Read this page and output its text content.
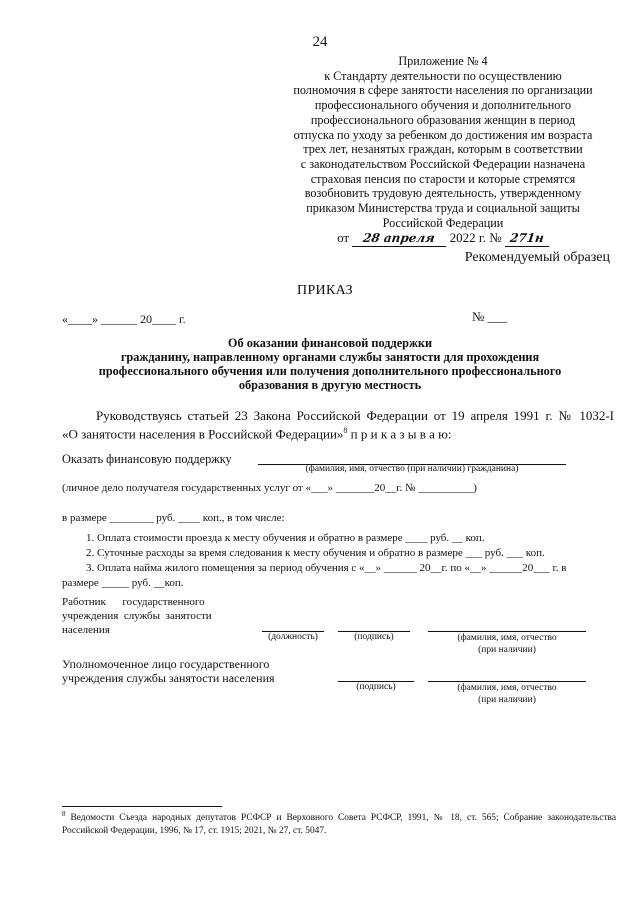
24
Приложение № 4
к Стандарту деятельности по осуществлению
полномочия в сфере занятости населения по организации
профессионального обучения и дополнительного
профессионального образования женщин в период
отпуска по уходу за ребенком до достижения им возраста
трех лет, незанятых граждан, которым в соответствии
с законодательством Российской Федерации назначена
страховая пенсия по старости и которые стремятся
возобновить трудовую деятельность, утвержденному
приказом Министерства труда и социальной защиты
Российской Федерации
от 28 апреля 2022 г. № 271н
Рекомендуемый образец
ПРИКАЗ
«____» ______ 20____ г.	№ ___
Об оказании финансовой поддержки
гражданину, направленному органами службы занятости для прохождения
профессионального обучения или получения дополнительного профессионального
образования в другую местность
Руководствуясь статьей 23 Закона Российской Федерации от 19 апреля 1991 г. № 1032-I
«О занятости населения в Российской Федерации»$^8$ п р и к а з ы в а ю:
Оказать финансовую поддержку
(фамилия, имя, отчество (при наличии) гражданина)
(личное дело получателя государственных услуг от «___» _______20__г. № __________)
в размере ________ руб. ____ коп., в том числе:
1. Оплата стоимости проезда к месту обучения и обратно в размере ____ руб. __ коп.
2. Суточные расходы за время следования к месту обучения и обратно в размере ___ руб. ___ коп.
3. Оплата найма жилого помещения за период обучения с «__» ______ 20__г. по «__» ______20___ г. в
размере _____ руб. __коп.
Работник      государственного
учреждения  службы  занятости
населения
(должность)	(подпись)	(фамилия, имя, отчество
(при наличии)
Уполномоченное лицо государственного
учреждения службы занятости населения
(подпись)	(фамилия, имя, отчество
(при наличии)
$^8$ Ведомости Съезда народных депутатов РСФСР и Верховного Совета РСФСР, 1991, № 18, ст. 565; Собрание законодательства Российской Федерации, 1996, № 17, ст. 1915; 2021, № 27, ст. 5047.
